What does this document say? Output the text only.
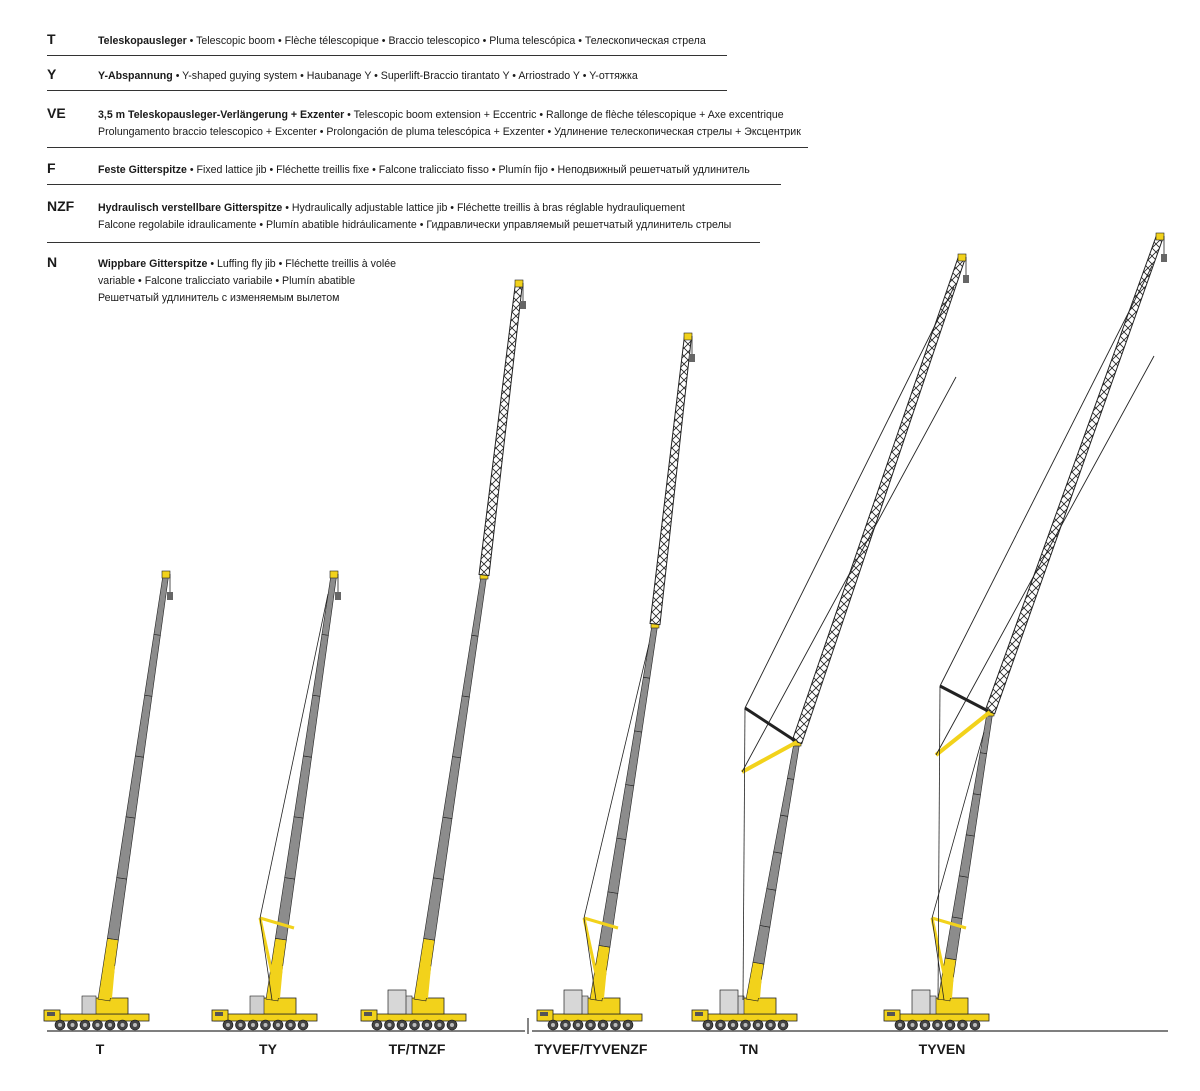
T	Teleskopausleger • Telescopic boom • Flèche télescopique • Braccio telescopico • Pluma telescópica • Телескопическая стрела
Y	Y-Abspannung • Y-shaped guying system • Haubanage Y • Superlift-Braccio tirantato Y • Arriostrado Y • Y-оттяжка
VE	3,5 m Teleskopausleger-Verlängerung + Exzenter • Telescopic boom extension + Eccentric • Rallonge de flèche télescopique + Axe excentrique
Prolungamento braccio telescopico + Excenter • Prolongación de pluma telescópica + Exzenter • Удлинение телескопическая стрелы + Эксцентрик
F	Feste Gitterspitze • Fixed lattice jib • Fléchette treillis fixe • Falcone tralicciato fisso • Plumín fijo • Неподвижный решетчатый удлинитель
NZF Hydraulisch verstellbare Gitterspitze • Hydraulically adjustable lattice jib • Fléchette treillis à bras réglable hydrauliquement
Falcone regolabile idraulicamente • Plumín abatible hidráulicamente • Гидравлически управляемый решетчатый удлинитель стрелы
N	Wippbare Gitterspitze • Luffing fly jib • Fléchette treillis à volée
variable • Falcone tralicciato variabile • Plumín abatible
Решетчатый удлинитель с изменяемым вылетом
T	TY	TF/TNZF	TYVEF/TYVENZF	TN	TYVEN
